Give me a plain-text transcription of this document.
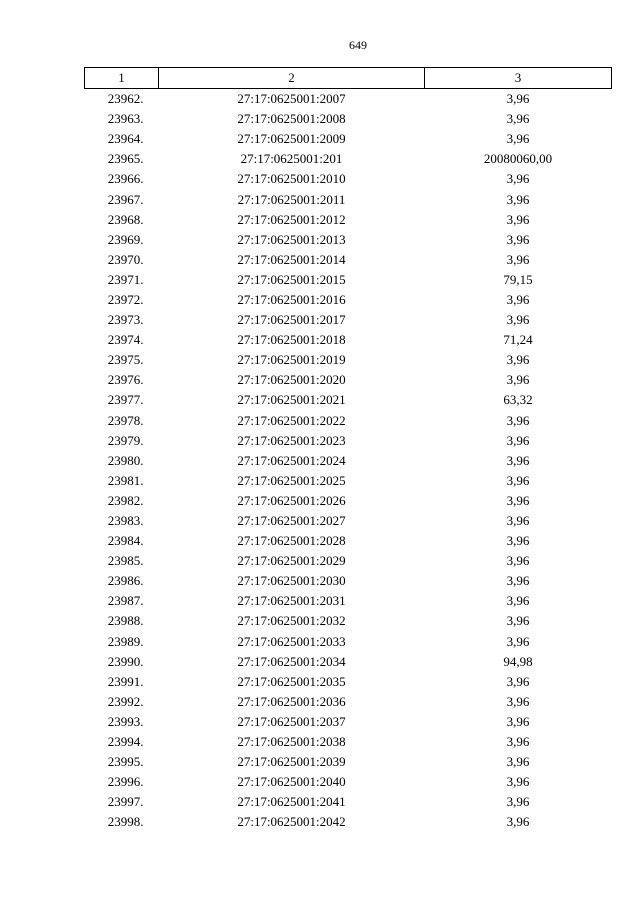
649
1	2	3
23962.	27:17:0625001:2007	3,96
23963.	27:17:0625001:2008	3,96
23964.	27:17:0625001:2009	3,96
23965.	27:17:0625001:201	20080060,00
23966.	27:17:0625001:2010	3,96
23967.	27:17:0625001:2011	3,96
23968.	27:17:0625001:2012	3,96
23969.	27:17:0625001:2013	3,96
23970.	27:17:0625001:2014	3,96
23971.	27:17:0625001:2015	79,15
23972.	27:17:0625001:2016	3,96
23973.	27:17:0625001:2017	3,96
23974.	27:17:0625001:2018	71,24
23975.	27:17:0625001:2019	3,96
23976.	27:17:0625001:2020	3,96
23977.	27:17:0625001:2021	63,32
23978.	27:17:0625001:2022	3,96
23979.	27:17:0625001:2023	3,96
23980.	27:17:0625001:2024	3,96
23981.	27:17:0625001:2025	3,96
23982.	27:17:0625001:2026	3,96
23983.	27:17:0625001:2027	3,96
23984.	27:17:0625001:2028	3,96
23985.	27:17:0625001:2029	3,96
23986.	27:17:0625001:2030	3,96
23987.	27:17:0625001:2031	3,96
23988.	27:17:0625001:2032	3,96
23989.	27:17:0625001:2033	3,96
23990.	27:17:0625001:2034	94,98
23991.	27:17:0625001:2035	3,96
23992.	27:17:0625001:2036	3,96
23993.	27:17:0625001:2037	3,96
23994.	27:17:0625001:2038	3,96
23995.	27:17:0625001:2039	3,96
23996.	27:17:0625001:2040	3,96
23997.	27:17:0625001:2041	3,96
23998.	27:17:0625001:2042	3,96
